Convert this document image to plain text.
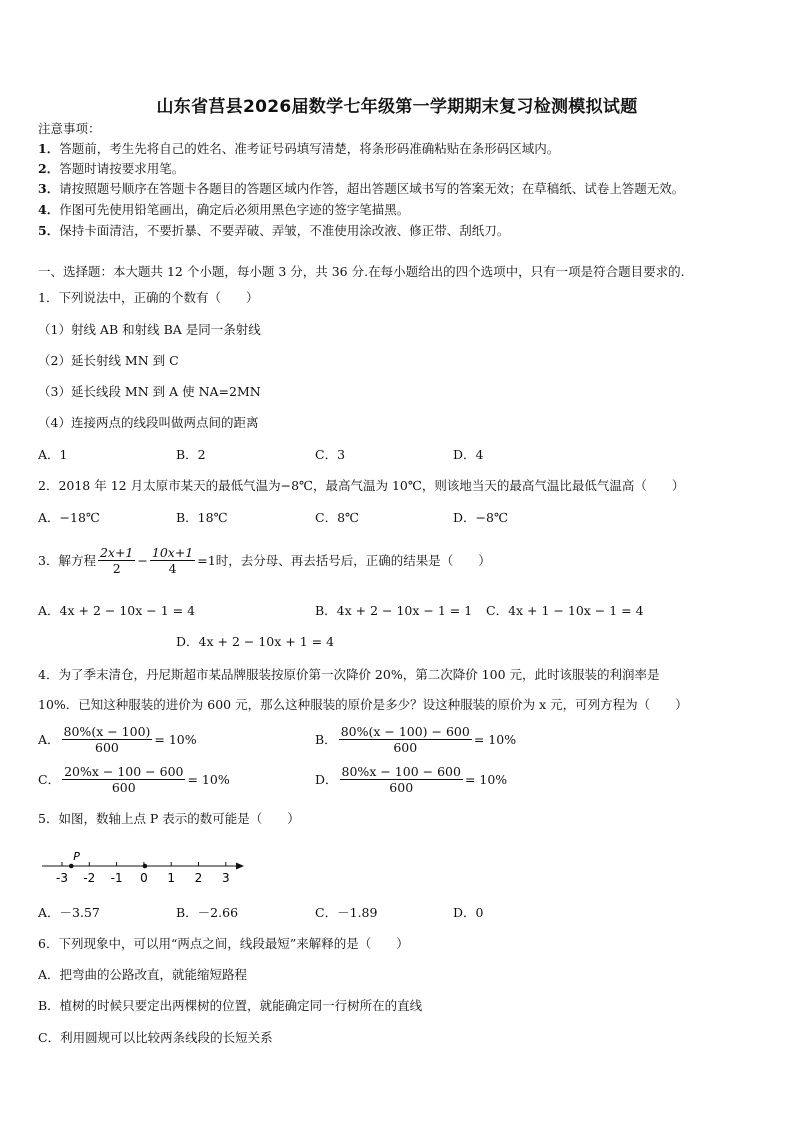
山东省莒县2026届数学七年级第一学期期末复习检测模拟试题
注意事项：
1．答题前，考生先将自己的姓名、准考证号码填写清楚，将条形码准确粘贴在条形码区域内。
2．答题时请按要求用笔。
3．请按照题号顺序在答题卡各题目的答题区域内作答，超出答题区域书写的答案无效；在草稿纸、试卷上答题无效。
4．作图可先使用铅笔画出，确定后必须用黑色字迹的签字笔描黑。
5．保持卡面清洁，不要折暴、不要弄破、弄皱，不准使用涂改液、修正带、刮纸刀。
一、选择题：本大题共 12 个小题，每小题 3 分，共 36 分.在每小题给出的四个选项中，只有一项是符合题目要求的.
1．下列说法中，正确的个数有（　　）
（1）射线 AB 和射线 BA 是同一条射线
（2）延长射线 MN 到 C
（3）延长线段 MN 到 A 使 NA=2MN
（4）连接两点的线段叫做两点间的距离
A．1	B．2	C．3	D．4
2．2018 年 12 月太原市某天的最低气温为−8℃，最高气温为 10℃，则该地当天的最高气温比最低气温高（　　）
A．−18℃	B．18℃	C．8℃	D．−8℃
3．解方程 $\frac{2x+1}{2} - \frac{10x+1}{4} =1$ 时，去分母、再去括号后，正确的结果是（　　）
A．4x + 2 − 10x − 1 = 4	B．4x + 2 − 10x − 1 = 1 C．4x + 1 − 10x − 1 = 4
D．4x + 2 − 10x + 1 = 4
4．为了季末清仓，丹尼斯超市某品牌服装按原价第一次降价 20%，第二次降价 100 元，此时该服装的利润率是
10%．已知这种服装的进价为 600 元，那么这种服装的原价是多少？设这种服装的原价为 x 元，可列方程为（　　）
A． $\frac{80\%(x - 100)}{600} = 10\%$	B． $\frac{80\%(x - 100) - 600}{600} = 10\%$
C． $\frac{20\%x - 100 - 600}{600} = 10\%$	D． $\frac{80\%x - 100 - 600}{600} = 10\%$
5．如图，数轴上点 P 表示的数可能是（　　）
-3 -2 -1 0 1 2 3
P
A．－3.57	B．－2.66	C．－1.89	D．0
6．下列现象中，可以用“两点之间，线段最短”来解释的是（　　）
A．把弯曲的公路改直，就能缩短路程
B．植树的时候只要定出两棵树的位置，就能确定同一行树所在的直线
C．利用圆规可以比较两条线段的长短关系
